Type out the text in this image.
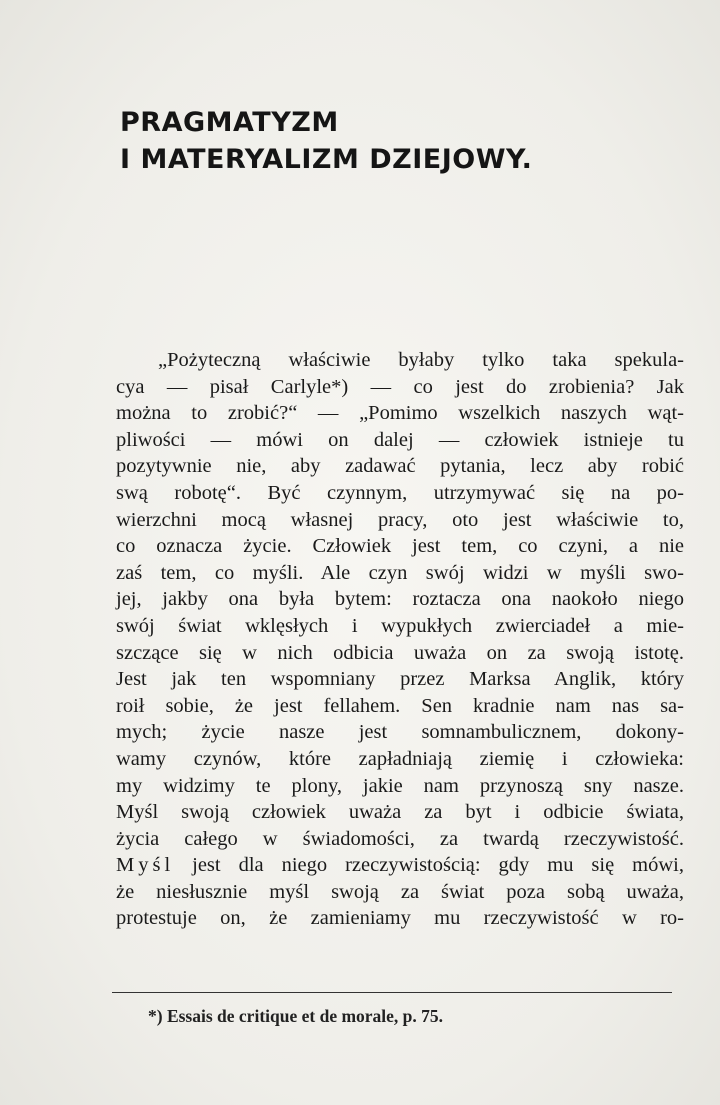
PRAGMATYZM
I MATERYALIZM DZIEJOWY.
„Pożyteczną właściwie byłaby tylko taka spekula-
cya — pisał Carlyle*) — co jest do zrobienia? Jak
można to zrobić?“ — „Pomimo wszelkich naszych wąt-
pliwości — mówi on dalej — człowiek istnieje tu
pozytywnie nie, aby zadawać pytania, lecz aby robić
swą robotę“. Być czynnym, utrzymywać się na po-
wierzchni mocą własnej pracy, oto jest właściwie to,
co oznacza życie. Człowiek jest tem, co czyni, a nie
zaś tem, co myśli. Ale czyn swój widzi w myśli swo-
jej, jakby ona była bytem: roztacza ona naokoło niego
swój świat wklęsłych i wypukłych zwierciadeł a mie-
szczące się w nich odbicia uważa on za swoją istotę.
Jest jak ten wspomniany przez Marksa Anglik, który
roił sobie, że jest fellahem. Sen kradnie nam nas sa-
mych; życie nasze jest somnambulicznem, dokony-
wamy czynów, które zapładniają ziemię i człowieka:
my widzimy te plony, jakie nam przynoszą sny nasze.
Myśl swoją człowiek uważa za byt i odbicie świata,
życia całego w świadomości, za twardą rzeczywistość.
Myśl jest dla niego rzeczywistością: gdy mu się mówi,
że niesłusznie myśl swoją za świat poza sobą uważa,
protestuje on, że zamieniamy mu rzeczywistość w ro-
*) Essais de critique et de morale, p. 75.
